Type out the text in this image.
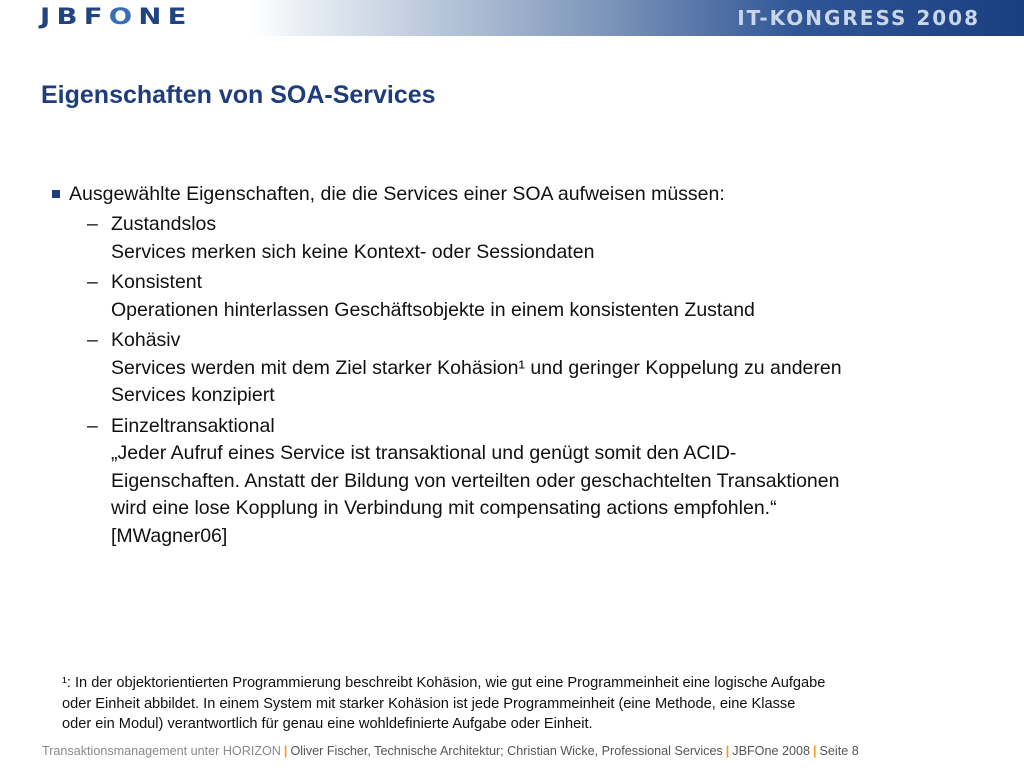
JBFONE	IT-KONGRESS 2008
Eigenschaften von SOA-Services
Ausgewählte Eigenschaften, die die Services einer SOA aufweisen müssen:
– Zustandslos
Services merken sich keine Kontext- oder Sessiondaten
– Konsistent
Operationen hinterlassen Geschäftsobjekte in einem konsistenten Zustand
– Kohäsiv
Services werden mit dem Ziel starker Kohäsion¹ und geringer Koppelung zu anderen
Services konzipiert
– Einzeltransaktional
„Jeder Aufruf eines Service ist transaktional und genügt somit den ACID-
Eigenschaften. Anstatt der Bildung von verteilten oder geschachtelten Transaktionen
wird eine lose Kopplung in Verbindung mit compensating actions empfohlen.“
[MWagner06]
¹: In der objektorientierten Programmierung beschreibt Kohäsion, wie gut eine Programmeinheit eine logische Aufgabe
oder Einheit abbildet. In einem System mit starker Kohäsion ist jede Programmeinheit (eine Methode, eine Klasse
oder ein Modul) verantwortlich für genau eine wohldefinierte Aufgabe oder Einheit.
Transaktionsmanagement unter HORIZON | Oliver Fischer, Technische Architektur; Christian Wicke, Professional Services | JBFOne 2008 | Seite 8
